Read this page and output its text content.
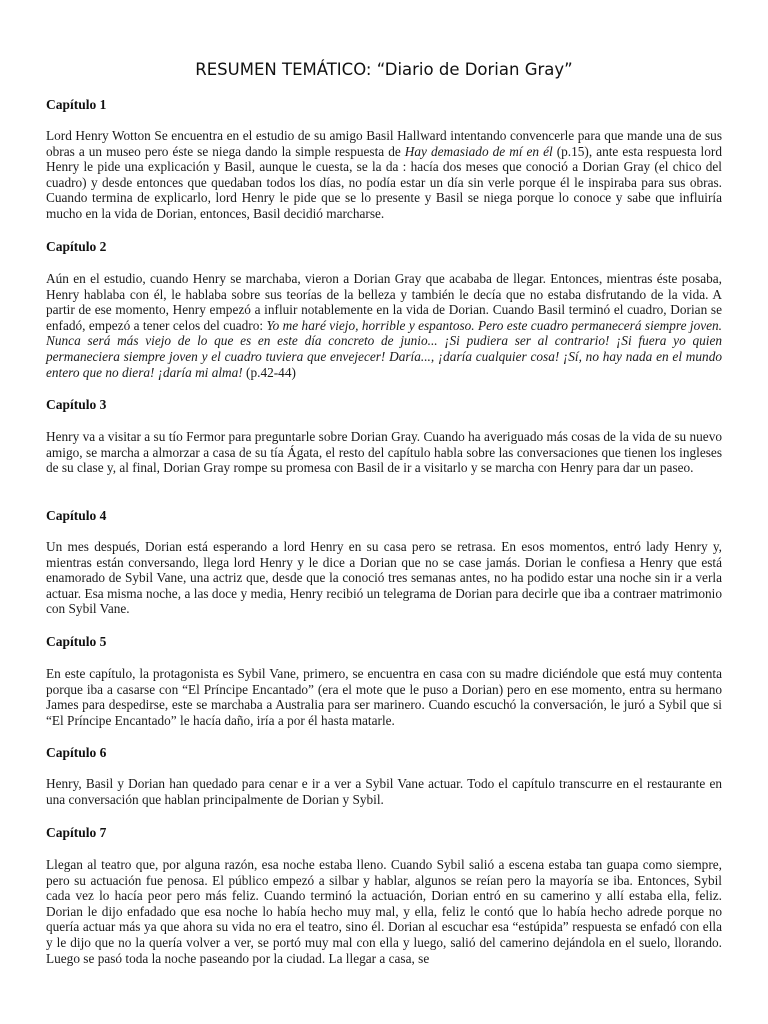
RESUMEN TEMÁTICO: “Diario de Dorian Gray”
Capítulo 1

Lord Henry Wotton Se encuentra en el estudio de su amigo Basil Hallward intentando convencerle para que mande una de sus obras a un museo pero éste se niega dando la simple respuesta de Hay demasiado de mí en él (p.15), ante esta respuesta lord Henry le pide una explicación y Basil, aunque le cuesta, se la da : hacía dos meses que conoció a Dorian Gray (el chico del cuadro) y desde entonces que quedaban todos los días, no podía estar un día sin verle porque él le inspiraba para sus obras. Cuando termina de explicarlo, lord Henry le pide que se lo presente y Basil se niega porque lo conoce y sabe que influiría mucho en la vida de Dorian, entonces, Basil decidió marcharse.

Capítulo 2

Aún en el estudio, cuando Henry se marchaba, vieron a Dorian Gray que acababa de llegar. Entonces, mientras éste posaba, Henry hablaba con él, le hablaba sobre sus teorías de la belleza y también le decía que no estaba disfrutando de la vida. A partir de ese momento, Henry empezó a influir notablemente en la vida de Dorian. Cuando Basil terminó el cuadro, Dorian se enfadó, empezó a tener celos del cuadro: Yo me haré viejo, horrible y espantoso. Pero este cuadro permanecerá siempre joven. Nunca será más viejo de lo que es en este día concreto de junio... ¡Si pudiera ser al contrario! ¡Si fuera yo quien permaneciera siempre joven y el cuadro tuviera que envejecer! Daría..., ¡daría cualquier cosa! ¡Sí, no hay nada en el mundo entero que no diera! ¡daría mi alma! (p.42-44)

Capítulo 3

Henry va a visitar a su tío Fermor para preguntarle sobre Dorian Gray. Cuando ha averiguado más cosas de la vida de su nuevo amigo, se marcha a almorzar a casa de su tía Ágata, el resto del capítulo habla sobre las conversaciones que tienen los ingleses de su clase y, al final, Dorian Gray rompe su promesa con Basil de ir a visitarlo y se marcha con Henry para dar un paseo.

Capítulo 4

Un mes después, Dorian está esperando a lord Henry en su casa pero se retrasa. En esos momentos, entró lady Henry y, mientras están conversando, llega lord Henry y le dice a Dorian que no se case jamás. Dorian le confiesa a Henry que está enamorado de Sybil Vane, una actriz que, desde que la conoció tres semanas antes, no ha podido estar una noche sin ir a verla actuar. Esa misma noche, a las doce y media, Henry recibió un telegrama de Dorian para decirle que iba a contraer matrimonio con Sybil Vane.

Capítulo 5

En este capítulo, la protagonista es Sybil Vane, primero, se encuentra en casa con su madre diciéndole que está muy contenta porque iba a casarse con “El Príncipe Encantado” (era el mote que le puso a Dorian) pero en ese momento, entra su hermano James para despedirse, este se marchaba a Australia para ser marinero. Cuando escuchó la conversación, le juró a Sybil que si “El Príncipe Encantado” le hacía daño, iría a por él hasta matarle.

Capítulo 6

Henry, Basil y Dorian han quedado para cenar e ir a ver a Sybil Vane actuar. Todo el capítulo transcurre en el restaurante en una conversación que hablan principalmente de Dorian y Sybil.

Capítulo 7

Llegan al teatro que, por alguna razón, esa noche estaba lleno. Cuando Sybil salió a escena estaba tan guapa como siempre, pero su actuación fue penosa. El público empezó a silbar y hablar, algunos se reían pero la mayoría se iba. Entonces, Sybil cada vez lo hacía peor pero más feliz. Cuando terminó la actuación, Dorian entró en su camerino y allí estaba ella, feliz. Dorian le dijo enfadado que esa noche lo había hecho muy mal, y ella, feliz le contó que lo había hecho adrede porque no quería actuar más ya que ahora su vida no era el teatro, sino él. Dorian al escuchar esa “estúpida” respuesta se enfadó con ella y le dijo que no la quería volver a ver, se portó muy mal con ella y luego, salió del camerino dejándola en el suelo, llorando. Luego se pasó toda la noche paseando por la ciudad. La llegar a casa, se
